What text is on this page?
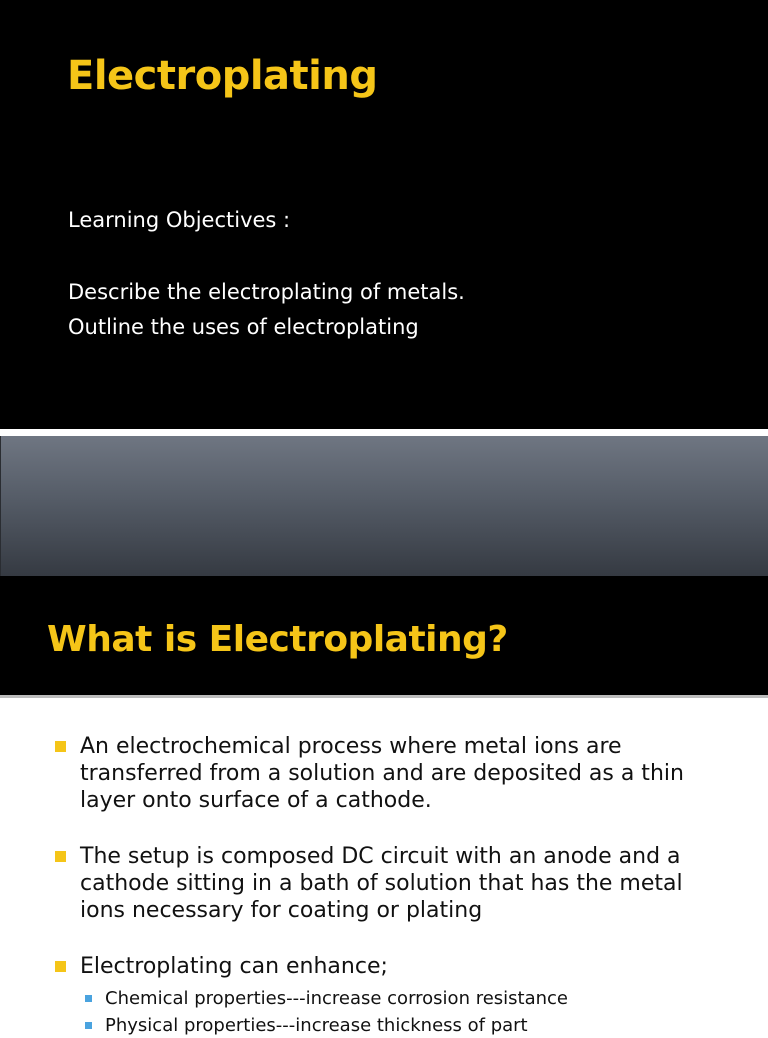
Electroplating

Learning Objectives :

Describe the electroplating of metals.

Outline the uses of electroplating

What is Electroplating?
An electrochemical process where metal ions are
transferred from a solution and are deposited as a thin
layer onto surface of a cathode.
The setup is composed DC circuit with an anode and a
cathode sitting in a bath of solution that has the metal
ions necessary for coating or plating
Electroplating can enhance;
Chemical properties---increase corrosion resistance
Physical properties---increase thickness of part
